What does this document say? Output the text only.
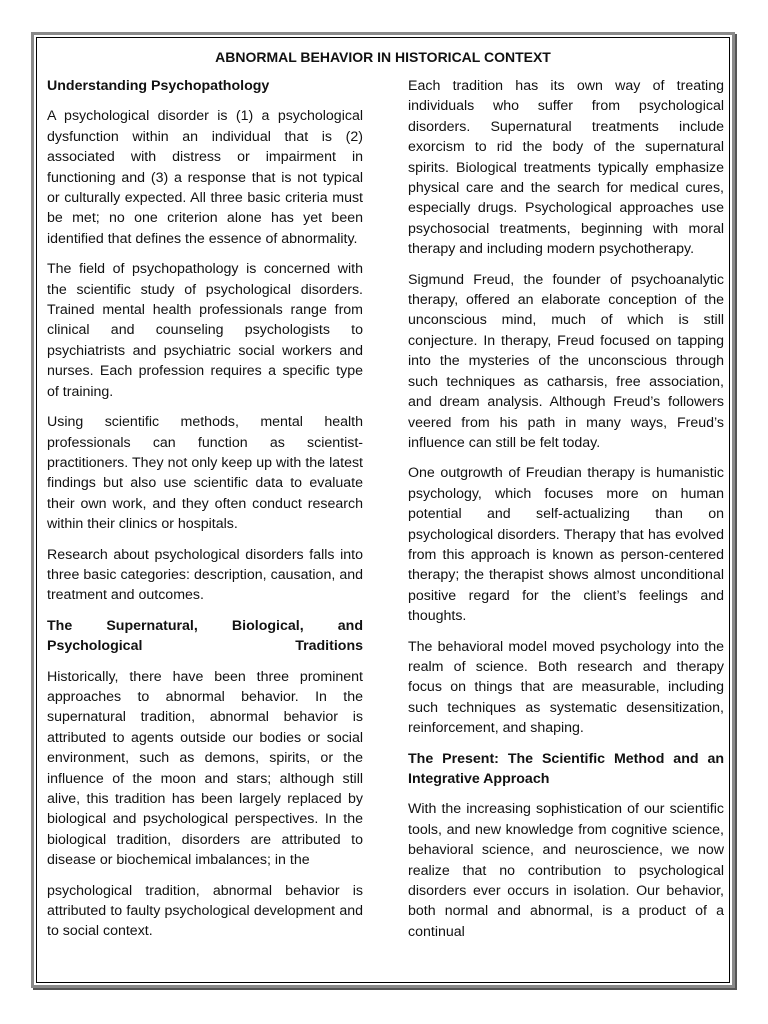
ABNORMAL BEHAVIOR IN HISTORICAL CONTEXT
Understanding Psychopathology

A psychological disorder is (1) a psychological dysfunction within an individual that is (2) associated with distress or impairment in functioning and (3) a response that is not typical or culturally expected. All three basic criteria must be met; no one criterion alone has yet been identified that defines the essence of abnormality.

The field of psychopathology is concerned with the scientific study of psychological disorders. Trained mental health professionals range from clinical and counseling psychologists to psychiatrists and psychiatric social workers and nurses. Each profession requires a specific type of training.

Using scientific methods, mental health professionals can function as scientist-practitioners. They not only keep up with the latest findings but also use scientific data to evaluate their own work, and they often conduct research within their clinics or hospitals.

Research about psychological disorders falls into three basic categories: description, causation, and treatment and outcomes.

The Supernatural, Biological, and Psychological Traditions

Historically, there have been three prominent approaches to abnormal behavior. In the supernatural tradition, abnormal behavior is attributed to agents outside our bodies or social environment, such as demons, spirits, or the influence of the moon and stars; although still alive, this tradition has been largely replaced by biological and psychological perspectives. In the biological tradition, disorders are attributed to disease or biochemical imbalances; in the

psychological tradition, abnormal behavior is attributed to faulty psychological development and to social context.

Each tradition has its own way of treating individuals who suffer from psychological disorders. Supernatural treatments include exorcism to rid the body of the supernatural spirits. Biological treatments typically emphasize physical care and the search for medical cures, especially drugs. Psychological approaches use psychosocial treatments, beginning with moral therapy and including modern psychotherapy.

Sigmund Freud, the founder of psychoanalytic therapy, offered an elaborate conception of the unconscious mind, much of which is still conjecture. In therapy, Freud focused on tapping into the mysteries of the unconscious through such techniques as catharsis, free association, and dream analysis. Although Freud’s followers veered from his path in many ways, Freud’s influence can still be felt today.

One outgrowth of Freudian therapy is humanistic psychology, which focuses more on human potential and self-actualizing than on psychological disorders. Therapy that has evolved from this approach is known as person-centered therapy; the therapist shows almost unconditional positive regard for the client’s feelings and thoughts.

The behavioral model moved psychology into the realm of science. Both research and therapy focus on things that are measurable, including such techniques as systematic desensitization, reinforcement, and shaping.

The Present: The Scientific Method and an Integrative Approach

With the increasing sophistication of our scientific tools, and new knowledge from cognitive science, behavioral science, and neuroscience, we now realize that no contribution to psychological disorders ever occurs in isolation. Our behavior, both normal and abnormal, is a product of a continual
